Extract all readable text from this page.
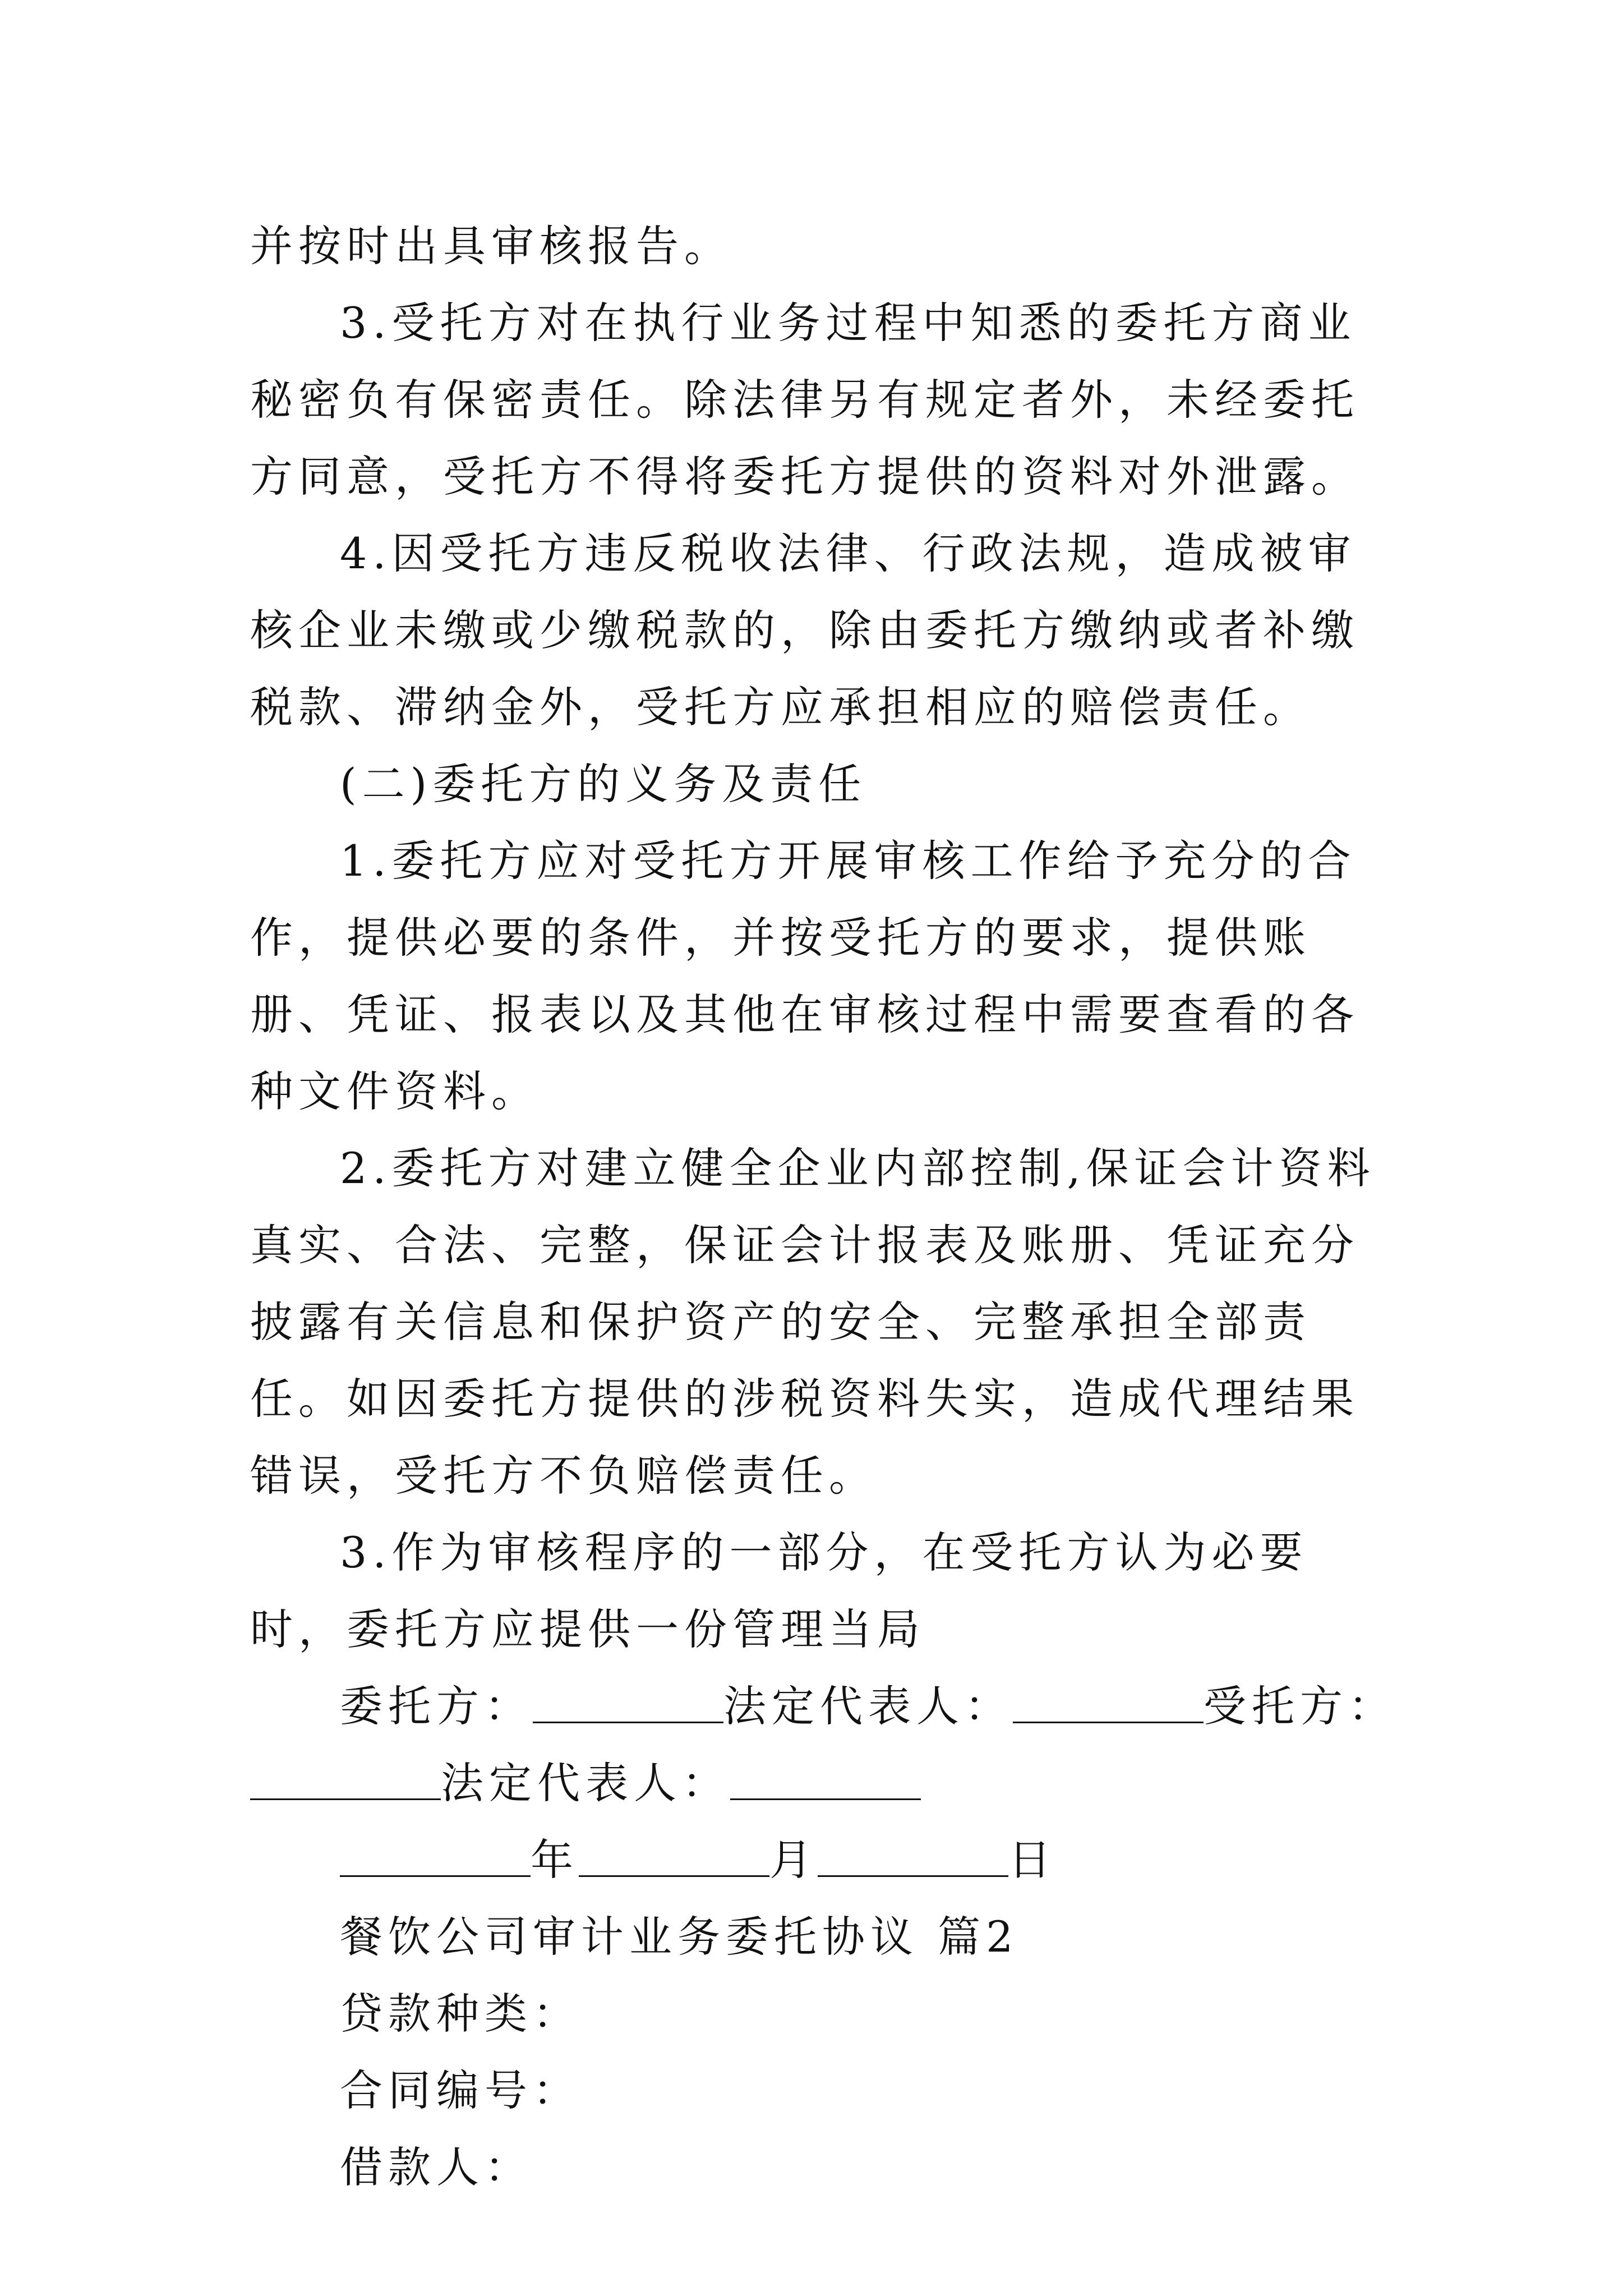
并按时出具审核报告。

3.受托方对在执行业务过程中知悉的委托方商业秘密负有保密责任。除法律另有规定者外，未经委托方同意，受托方不得将委托方提供的资料对外泄露。

4.因受托方违反税收法律、行政法规，造成被审核企业未缴或少缴税款的，除由委托方缴纳或者补缴税款、滞纳金外，受托方应承担相应的赔偿责任。

(二)委托方的义务及责任

1.委托方应对受托方开展审核工作给予充分的合作，提供必要的条件，并按受托方的要求，提供账册、凭证、报表以及其他在审核过程中需要查看的各种文件资料。

2.委托方对建立健全企业内部控制,保证会计资料真实、合法、完整，保证会计报表及账册、凭证充分披露有关信息和保护资产的安全、完整承担全部责任。如因委托方提供的涉税资料失实，造成代理结果错误，受托方不负赔偿责任。

3.作为审核程序的一部分，在受托方认为必要时，委托方应提供一份管理当局

委托方：	法定代表人：	受托方：

法定代表人：

年	月	日

餐饮公司审计业务委托协议 篇2

贷款种类：

合同编号：

借款人：
